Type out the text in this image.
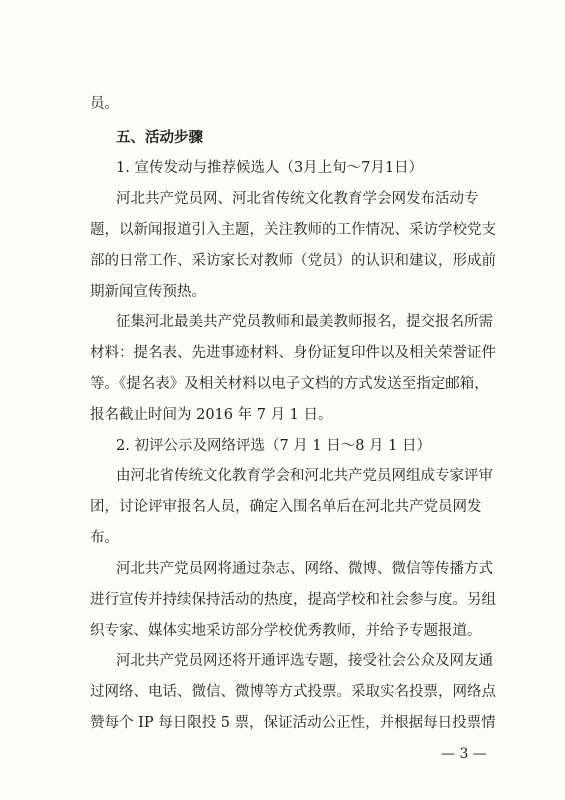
员。

五、活动步骤

1. 宣传发动与推荐候选人（3月上旬～7月1日）

河北共产党员网、河北省传统文化教育学会网发布活动专

题，以新闻报道引入主题，关注教师的工作情况、采访学校党支

部的日常工作、采访家长对教师（党员）的认识和建议，形成前

期新闻宣传预热。

征集河北最美共产党员教师和最美教师报名，提交报名所需

材料：提名表、先进事迹材料、身份证复印件以及相关荣誉证件

等。《提名表》及相关材料以电子文档的方式发送至指定邮箱，

报名截止时间为 2016 年 7 月 1 日。

2. 初评公示及网络评选（7 月 1 日～8 月 1 日）

由河北省传统文化教育学会和河北共产党员网组成专家评审

团，讨论评审报名人员，确定入围名单后在河北共产党员网发

布。

河北共产党员网将通过杂志、网络、微博、微信等传播方式

进行宣传并持续保持活动的热度，提高学校和社会参与度。另组

织专家、媒体实地采访部分学校优秀教师，并给予专题报道。

河北共产党员网还将开通评选专题，接受社会公众及网友通

过网络、电话、微信、微博等方式投票。采取实名投票，网络点

赞每个 IP 每日限投 5 票，保证活动公正性，并根据每日投票情

— 3 —
